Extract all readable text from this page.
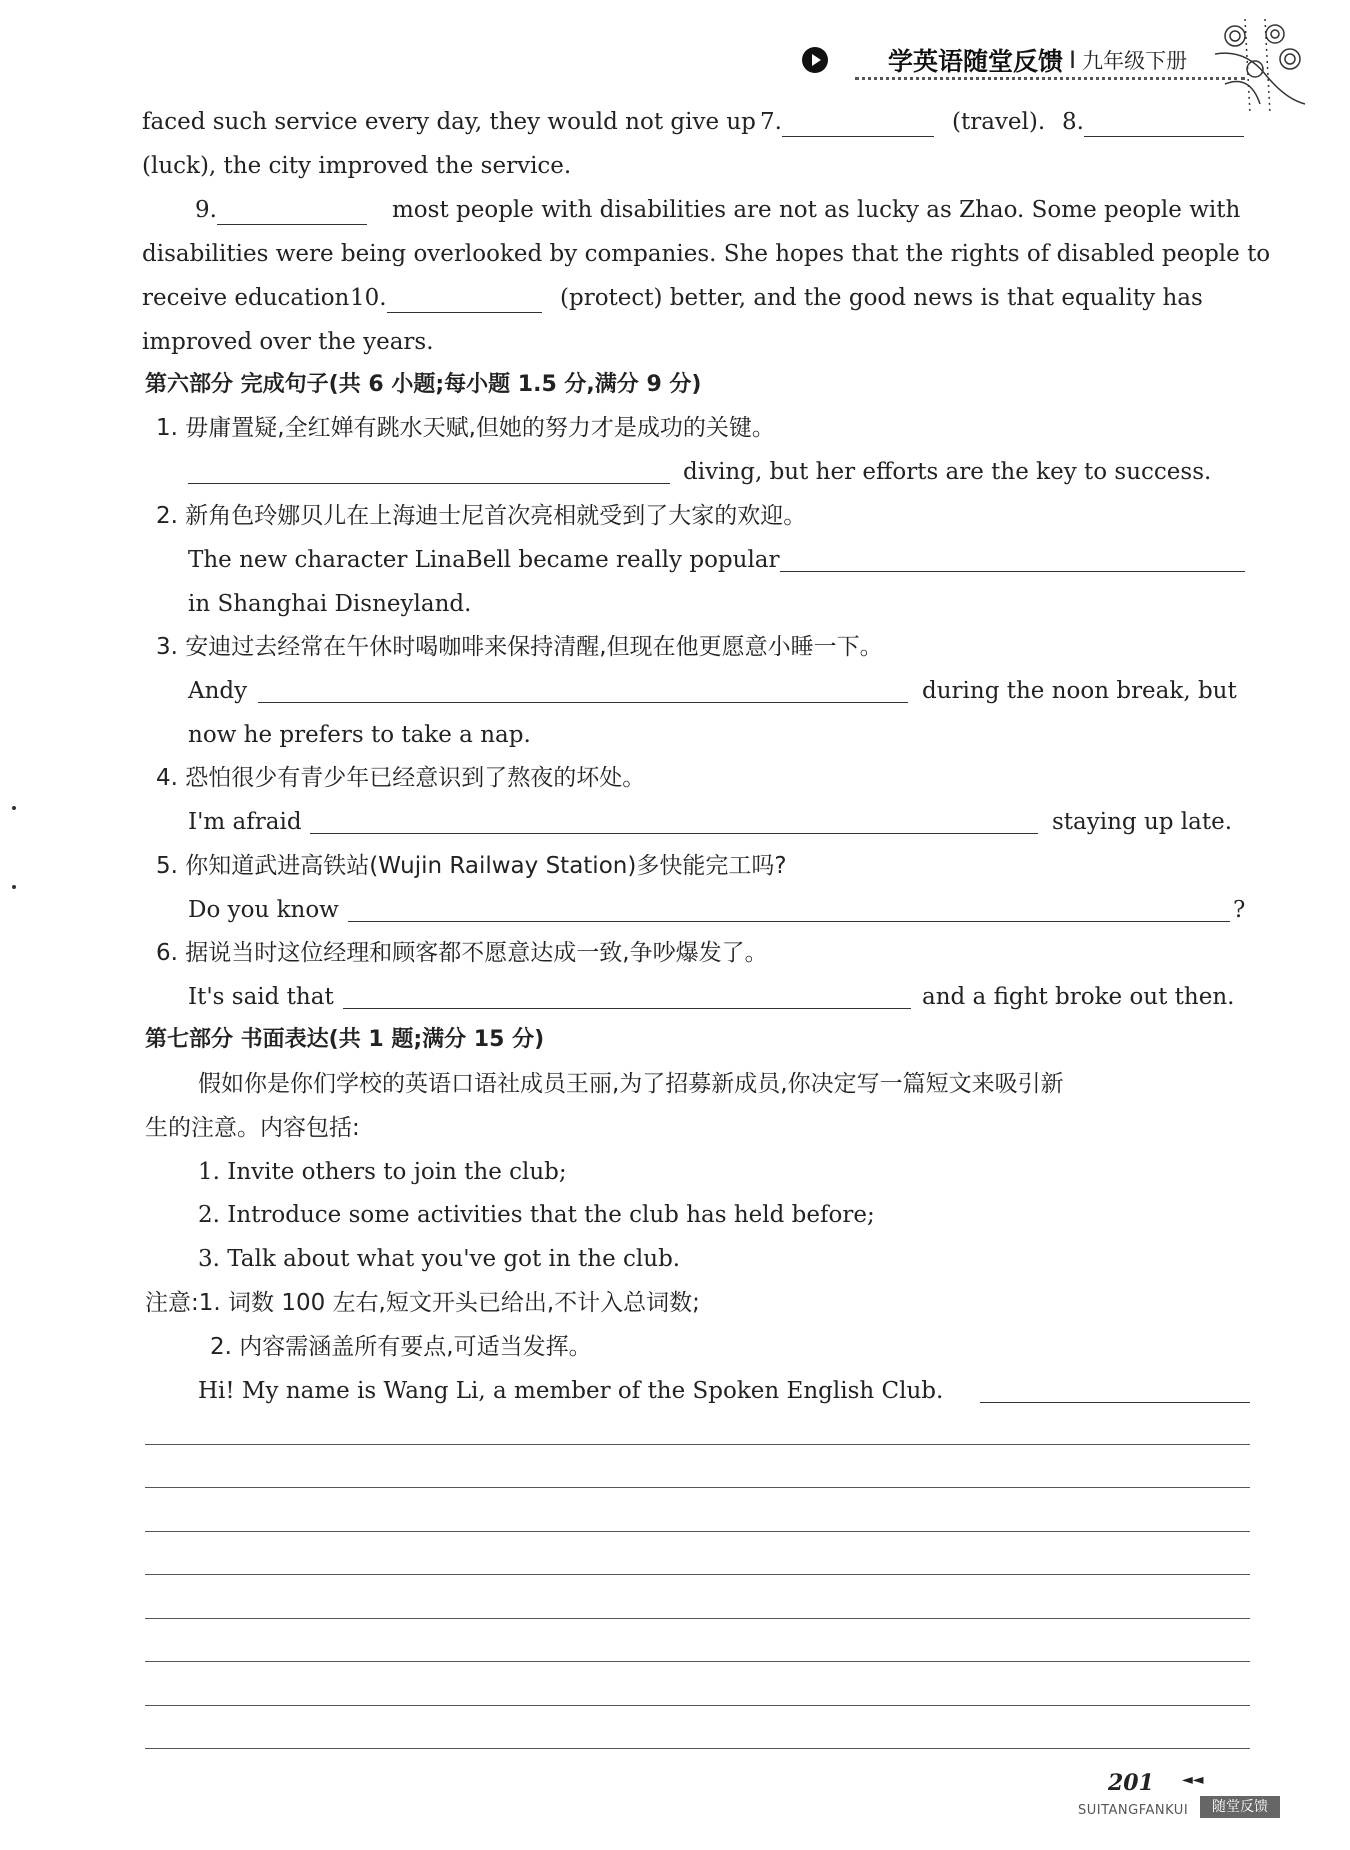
学英语随堂反馈 I 九年级下册
faced such service every day, they would not give up 7.	(travel). 8.
(luck), the city improved the service.
9.	most people with disabilities are not as lucky as Zhao. Some people with
disabilities were being overlooked by companies. She hopes that the rights of disabled people to
receive education 10.	(protect) better, and the good news is that equality has
improved over the years.
第六部分 完成句子(共 6 小题;每小题 1.5 分,满分 9 分)
1. 毋庸置疑,全红婵有跳水天赋,但她的努力才是成功的关键。
diving, but her efforts are the key to success.
2. 新角色玲娜贝儿在上海迪士尼首次亮相就受到了大家的欢迎。
The new character LinaBell became really popular
in Shanghai Disneyland.
3. 安迪过去经常在午休时喝咖啡来保持清醒,但现在他更愿意小睡一下。
Andy	during the noon break, but
now he prefers to take a nap.
4. 恐怕很少有青少年已经意识到了熬夜的坏处。
I'm afraid	staying up late.
5. 你知道武进高铁站(Wujin Railway Station)多快能完工吗?
Do you know	?
6. 据说当时这位经理和顾客都不愿意达成一致,争吵爆发了。
It's said that	and a fight broke out then.
第七部分 书面表达(共 1 题;满分 15 分)
假如你是你们学校的英语口语社成员王丽,为了招募新成员,你决定写一篇短文来吸引新
生的注意。内容包括:
1. Invite others to join the club;
2. Introduce some activities that the club has held before;
3. Talk about what you've got in the club.
注意:1. 词数 100 左右,短文开头已给出,不计入总词数;
2. 内容需涵盖所有要点,可适当发挥。
Hi! My name is Wang Li, a member of the Spoken English Club.
201 ◄◄
SUITANGFANKUI	随堂反馈
